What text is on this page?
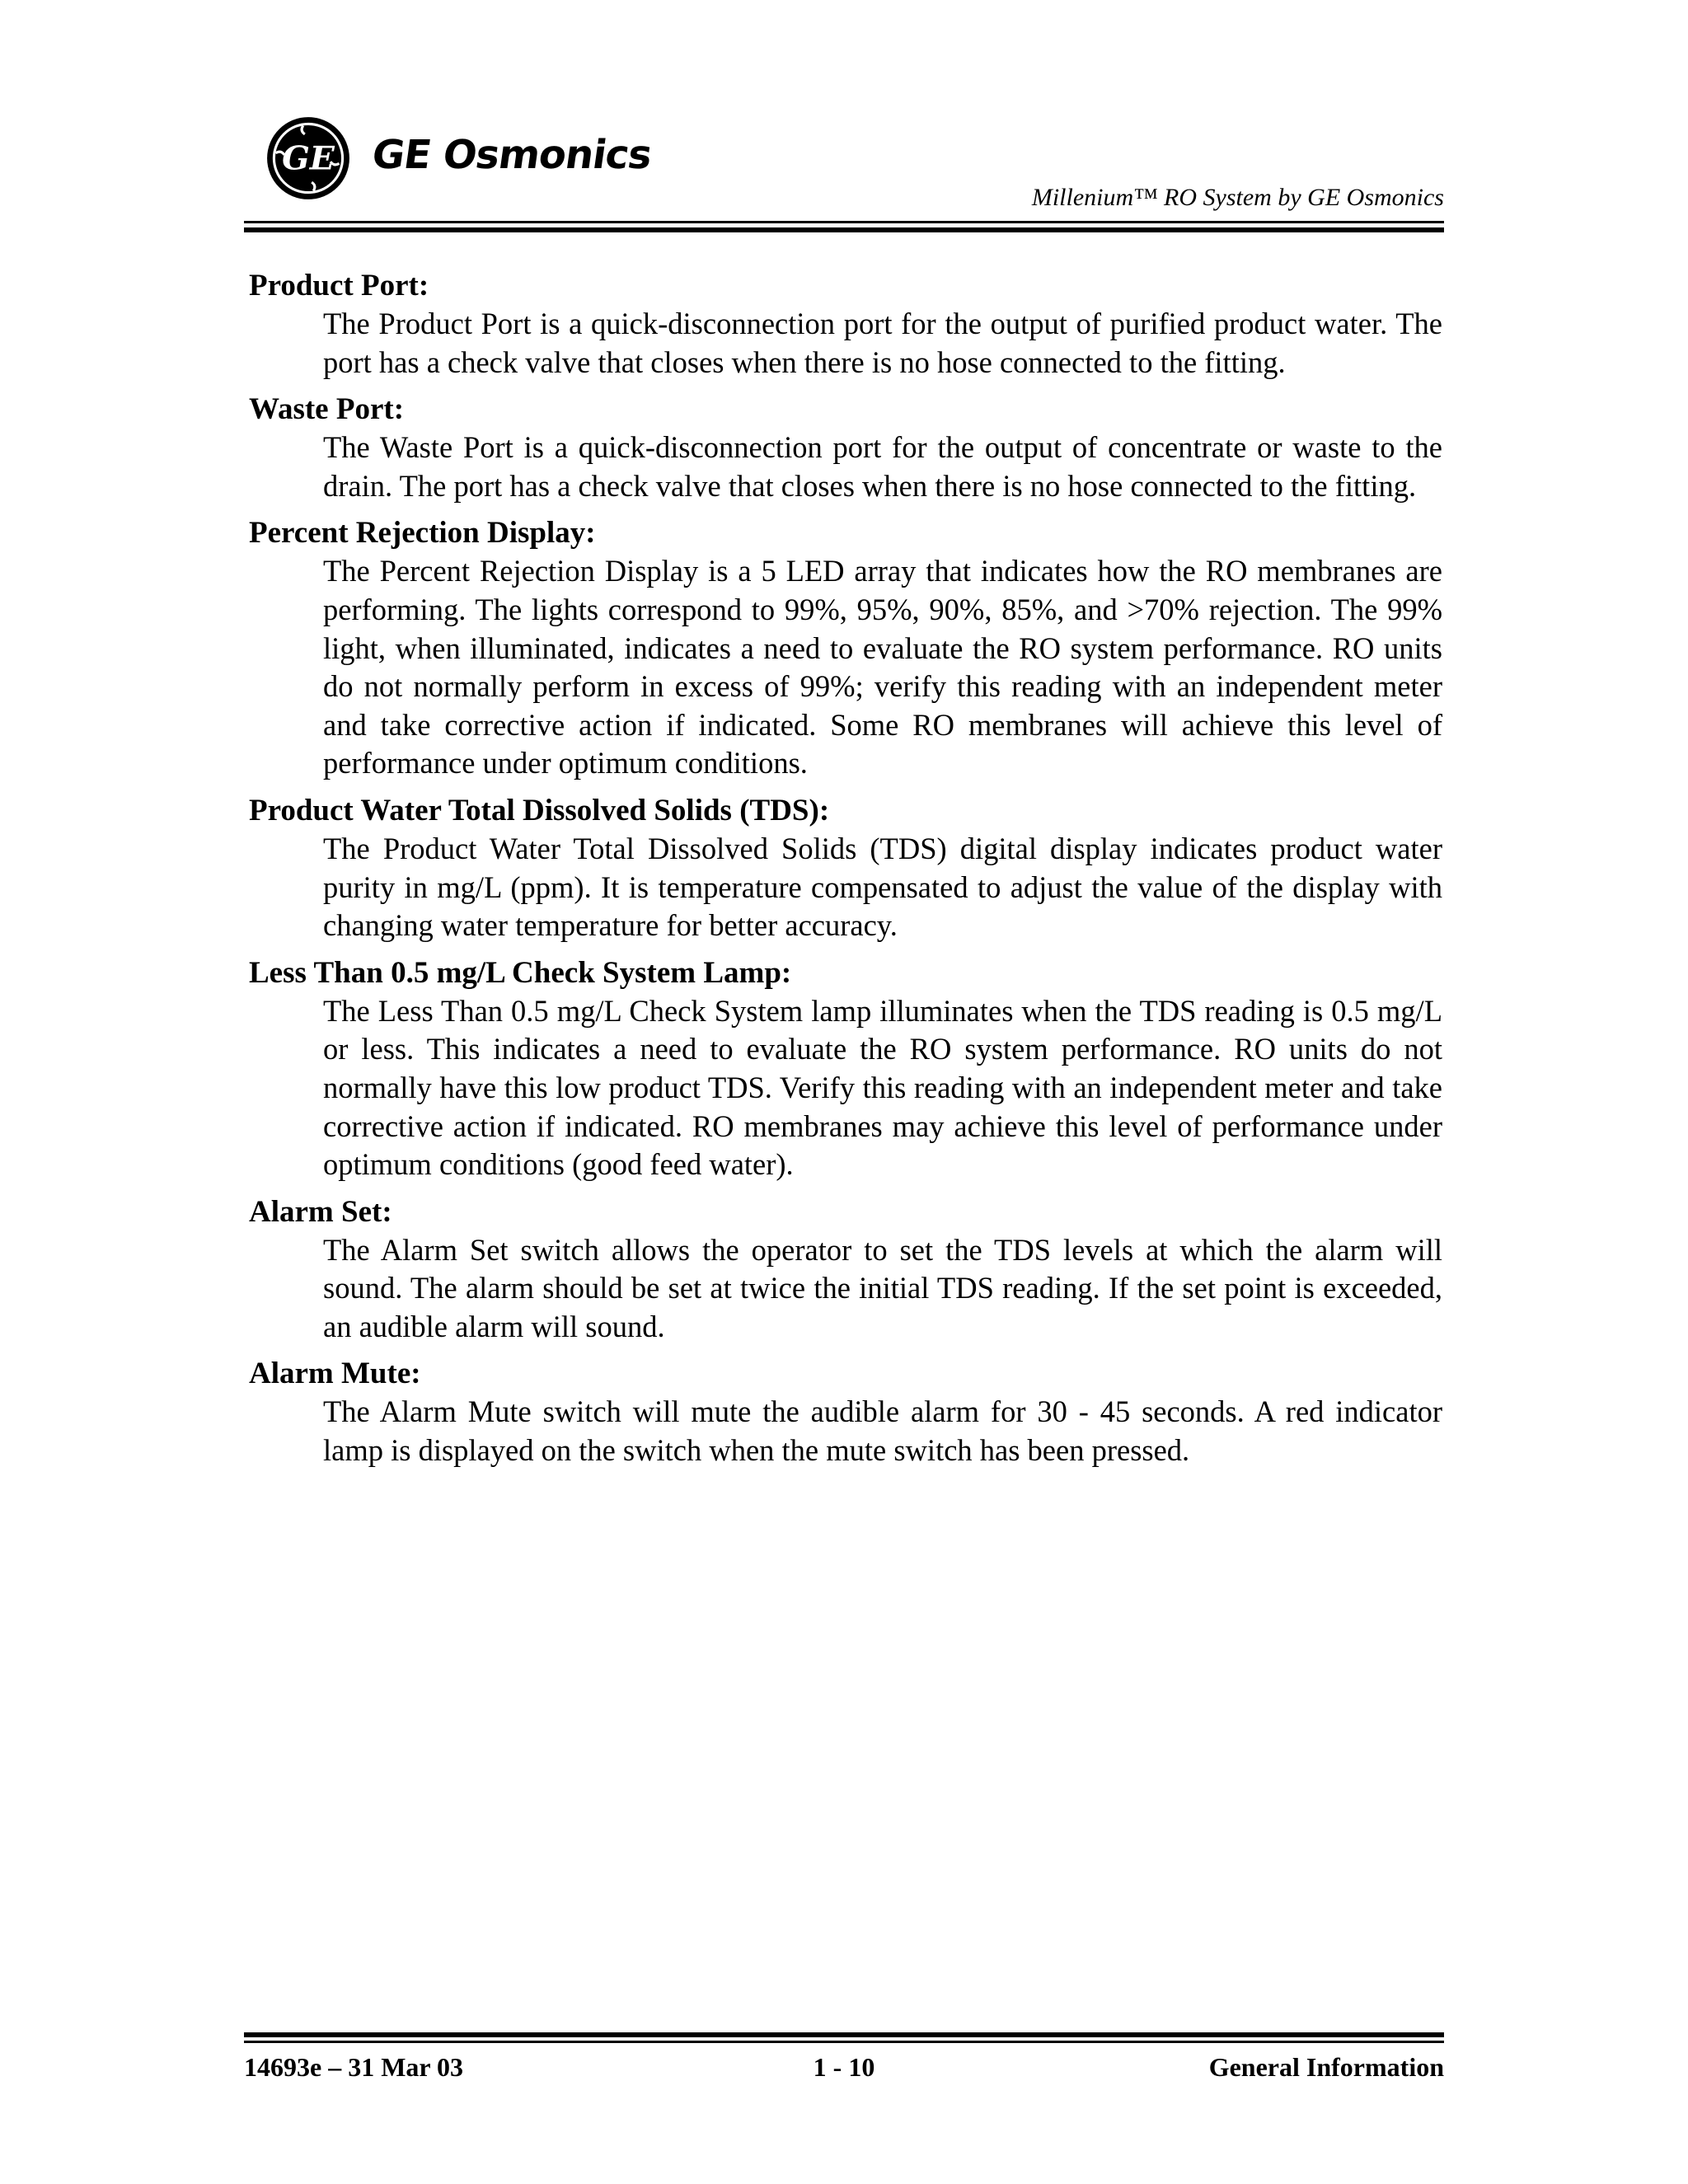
GE GE Osmonics
Millenium™ RO System by GE Osmonics

Product Port:

The Product Port is a quick-disconnection port for the output of purified product water. The port has a check valve that closes when there is no hose connected to the fitting.

Waste Port:

The Waste Port is a quick-disconnection port for the output of concentrate or waste to the drain. The port has a check valve that closes when there is no hose connected to the fitting.

Percent Rejection Display:

The Percent Rejection Display is a 5 LED array that indicates how the RO membranes are performing. The lights correspond to 99%, 95%, 90%, 85%, and >70% rejection. The 99% light, when illuminated, indicates a need to evaluate the RO system performance. RO units do not normally perform in excess of 99%; verify this reading with an independent meter and take corrective action if indicated. Some RO membranes will achieve this level of performance under optimum conditions.

Product Water Total Dissolved Solids (TDS):

The Product Water Total Dissolved Solids (TDS) digital display indicates product water purity in mg/L (ppm). It is temperature compensated to adjust the value of the display with changing water temperature for better accuracy.

Less Than 0.5 mg/L Check System Lamp:

The Less Than 0.5 mg/L Check System lamp illuminates when the TDS reading is 0.5 mg/L or less. This indicates a need to evaluate the RO system performance. RO units do not normally have this low product TDS. Verify this reading with an independent meter and take corrective action if indicated. RO membranes may achieve this level of performance under optimum conditions (good feed water).

Alarm Set:

The Alarm Set switch allows the operator to set the TDS levels at which the alarm will sound. The alarm should be set at twice the initial TDS reading. If the set point is exceeded, an audible alarm will sound.

Alarm Mute:

The Alarm Mute switch will mute the audible alarm for 30 - 45 seconds. A red indicator lamp is displayed on the switch when the mute switch has been pressed.

14693e – 31 Mar 03	1 - 10	General Information
